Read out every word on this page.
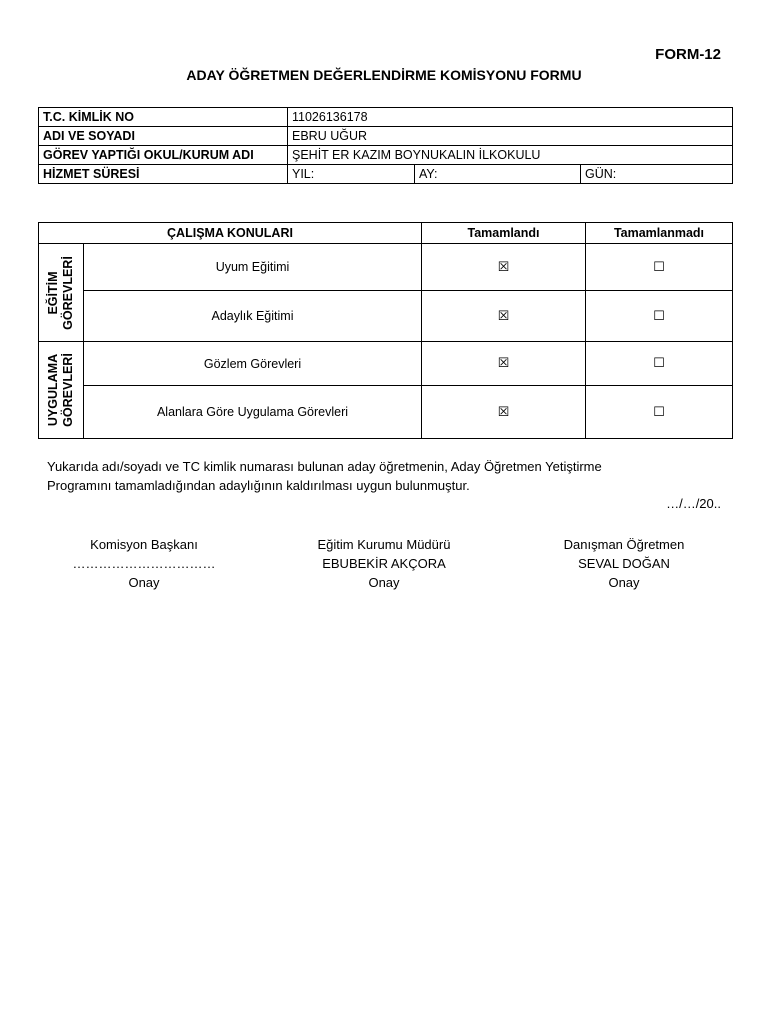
FORM-12
ADAY ÖĞRETMEN DEĞERLENDİRME KOMİSYONU FORMU
T.C. KİMLİK NO	11026136178		
ADI VE SOYADI	EBRU UĞUR		
GÖREV YAPTIĞI OKUL/KURUM ADI	ŞEHİT ER KAZIM BOYNUKALIN İLKOKULU		
HİZMET SÜRESİ	YIL:	AY:	GÜN:
ÇALIŞMA KONULARI		Tamamlandı	Tamamlanmadı

EĞİTİM GÖREVLERİ	Uyum Eğitimi	☒	☐
	Adaylık Eğitimi	☒	☐

UYGULAMA GÖREVLERİ	Gözlem Görevleri	☒	☐
	Alanlara Göre Uygulama Görevleri	☒	☐
Yukarıda adı/soyadı ve TC kimlik numarası bulunan aday öğretmenin, Aday Öğretmen Yetiştirme
Programını tamamladığından adaylığının kaldırılması uygun bulunmuştur.
…/…/20..
Komisyon Başkanı
……………………………
Onay
Eğitim Kurumu Müdürü
EBUBEKİR AKÇORA
Onay
Danışman Öğretmen
SEVAL DOĞAN
Onay
